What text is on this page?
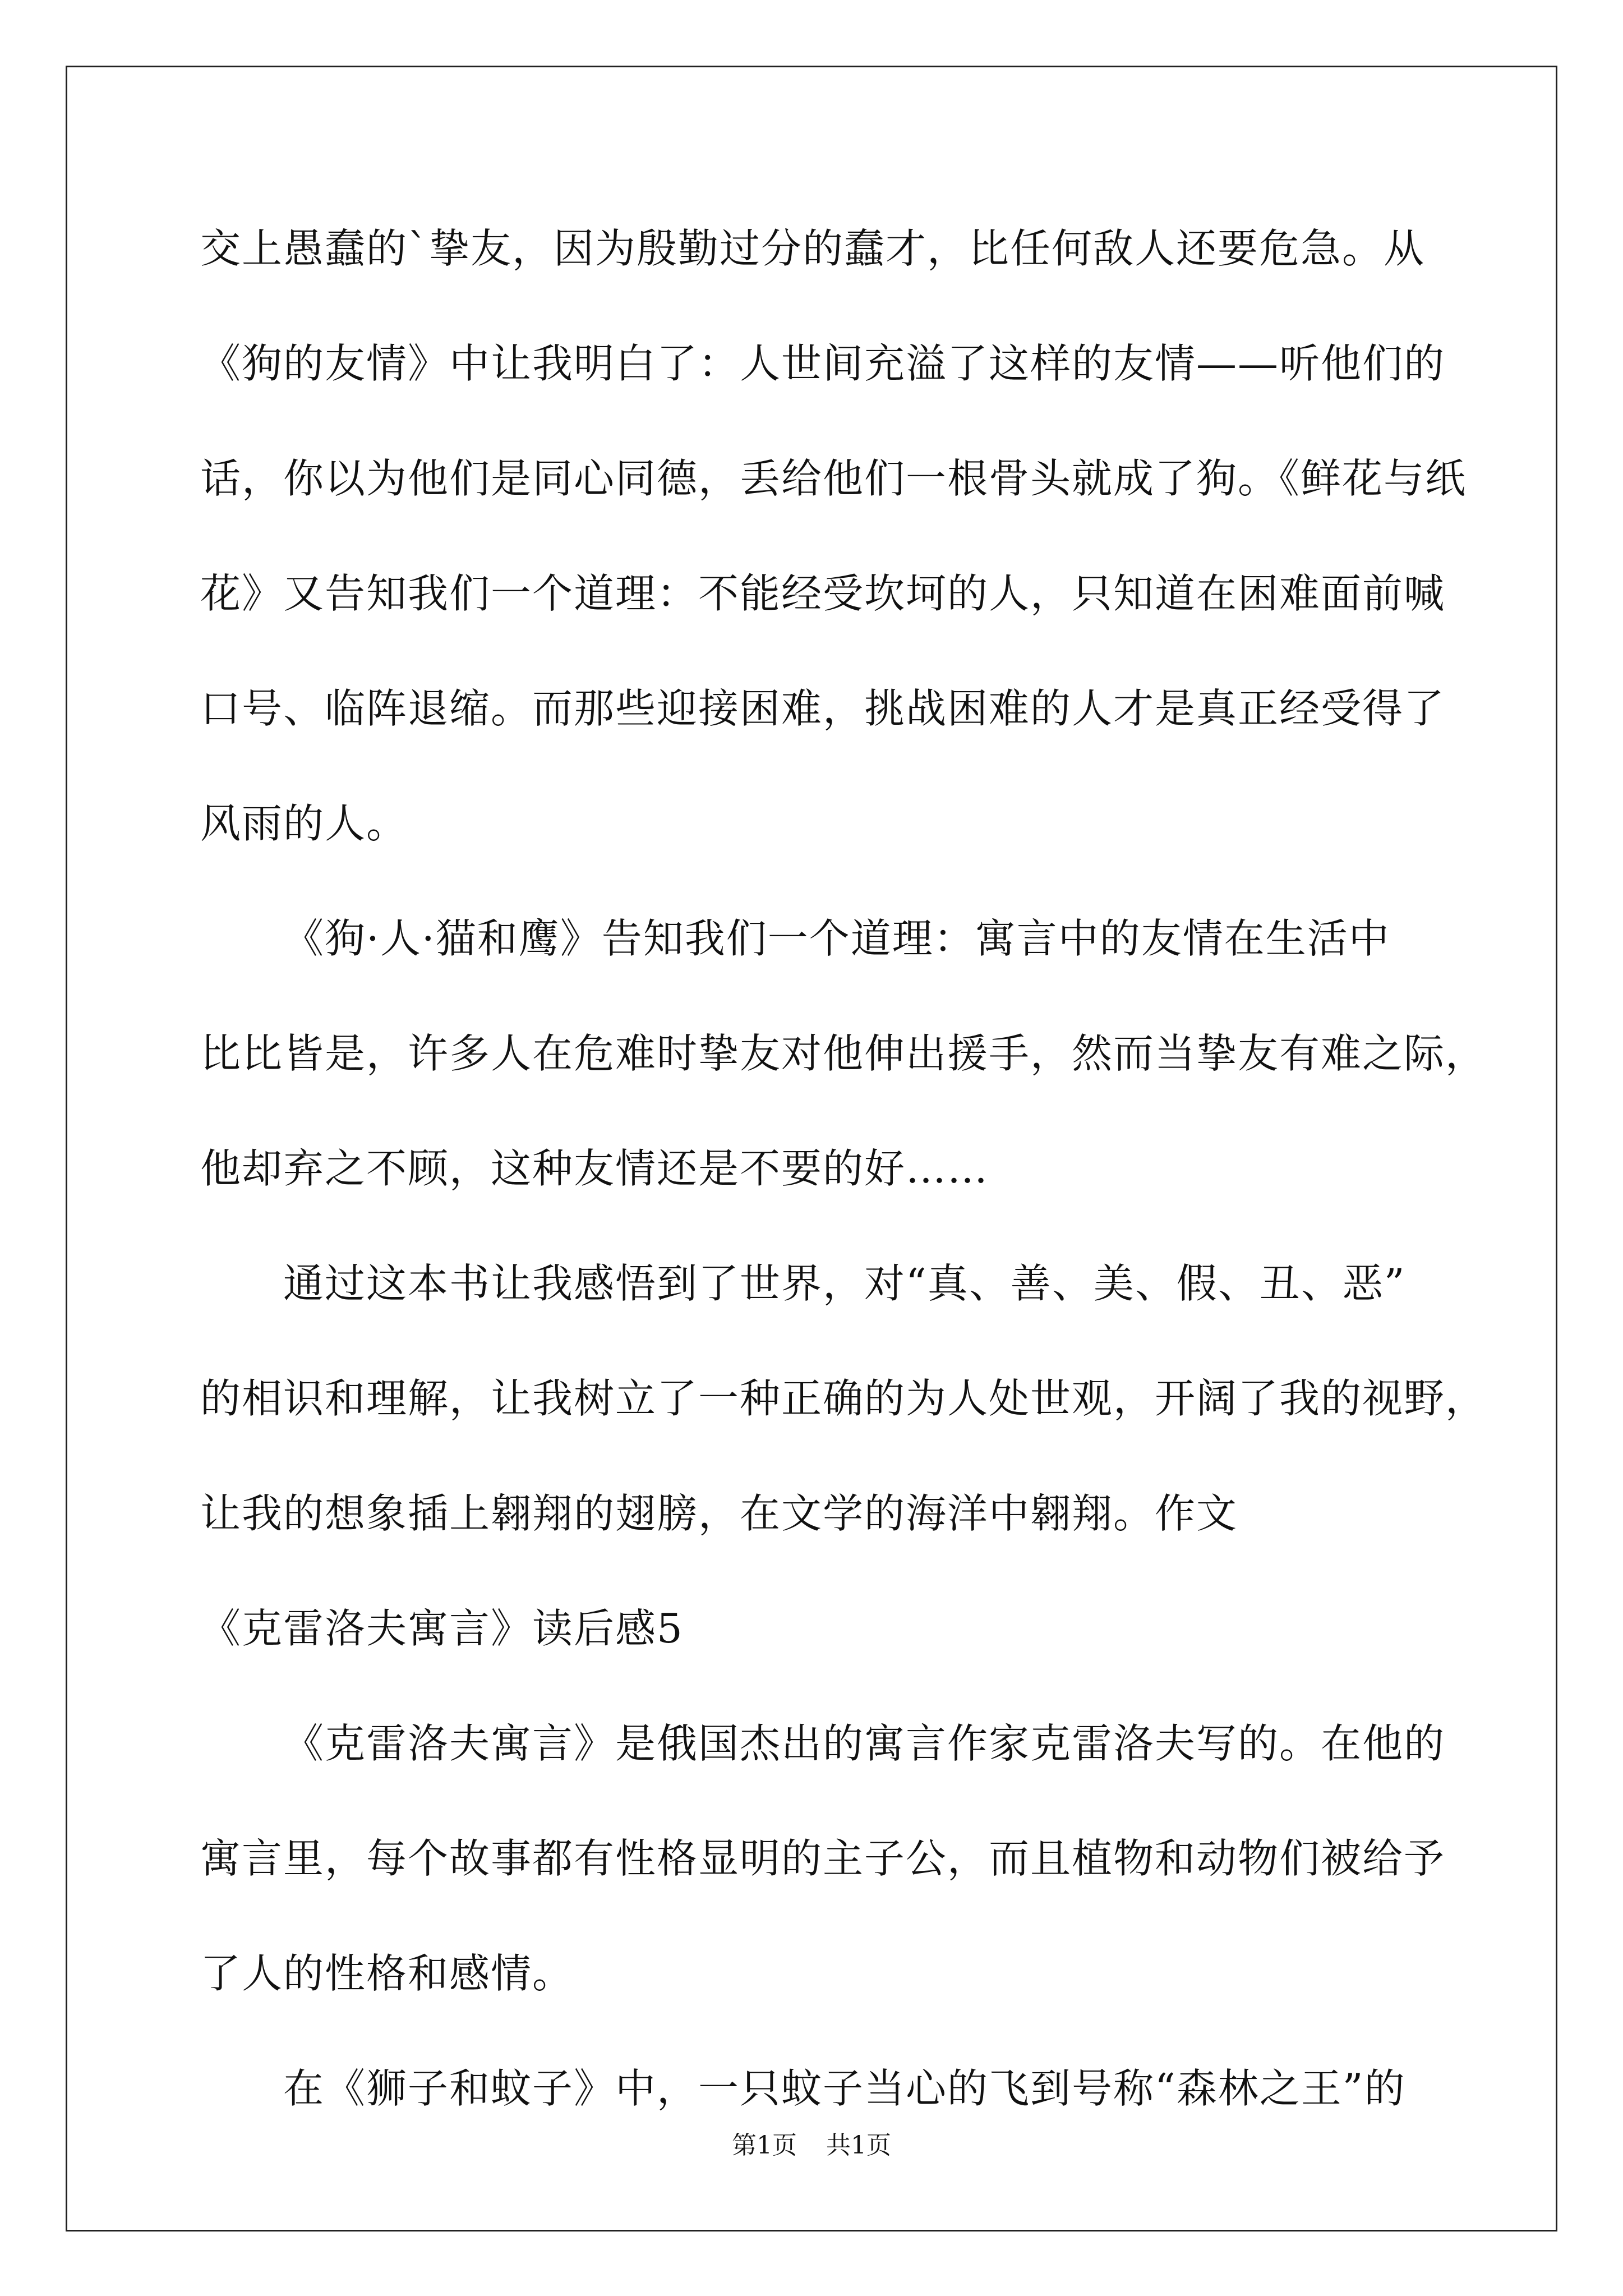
交上愚蠢的`挚友，因为殷勤过分的蠢才，比任何敌人还要危急。从
《狗的友情》中让我明白了：人世间充溢了这样的友情——听他们的
话，你以为他们是同心同德，丢给他们一根骨头就成了狗。《鲜花与纸
花》又告知我们一个道理：不能经受坎坷的人，只知道在困难面前喊
口号、临阵退缩。而那些迎接困难，挑战困难的人才是真正经受得了
风雨的人。
《狗·人·猫和鹰》告知我们一个道理：寓言中的友情在生活中
比比皆是，许多人在危难时挚友对他伸出援手，然而当挚友有难之际，
他却弃之不顾，这种友情还是不要的好……
通过这本书让我感悟到了世界，对“真、善、美、假、丑、恶”
的相识和理解，让我树立了一种正确的为人处世观，开阔了我的视野，
让我的想象插上翱翔的翅膀，在文学的海洋中翱翔。作文
《克雷洛夫寓言》读后感5
《克雷洛夫寓言》是俄国杰出的寓言作家克雷洛夫写的。在他的
寓言里，每个故事都有性格显明的主子公，而且植物和动物们被给予
了人的性格和感情。
在《狮子和蚊子》中，一只蚊子当心的飞到号称“森林之王”的
第1页 共1页
